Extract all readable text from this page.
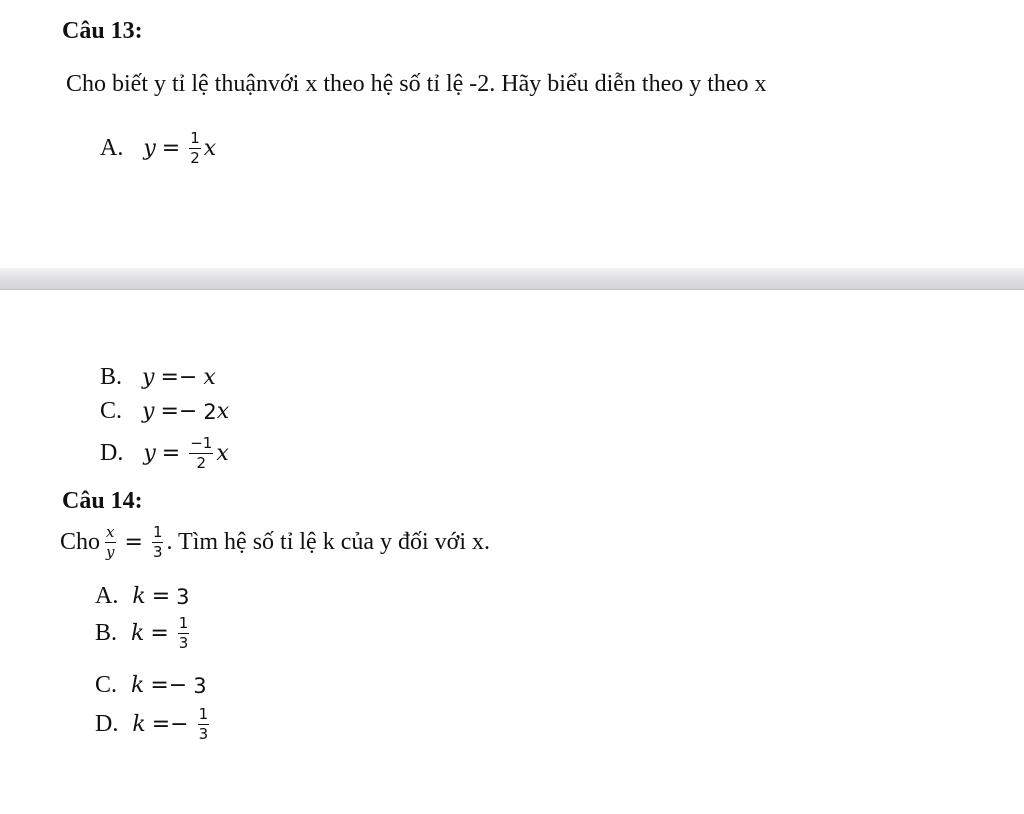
Câu 13:
Cho biết y tỉ lệ thuậnvới x theo hệ số tỉ lệ -2. Hãy biểu diễn theo y theo x
A. $y = \frac{1}{2}$ x
B. y =− x
C. y =− 2 x
D. $y = \frac{-1}{2}$ x
Câu 14:
Cho $\frac{x}{y} = \frac{1}{3}$ . Tìm hệ số tỉ lệ k của y đối với x.
A. k = 3
B. $k = \frac{1}{3}$
C. k =− 3
D. $k =- \frac{1}{3}$
